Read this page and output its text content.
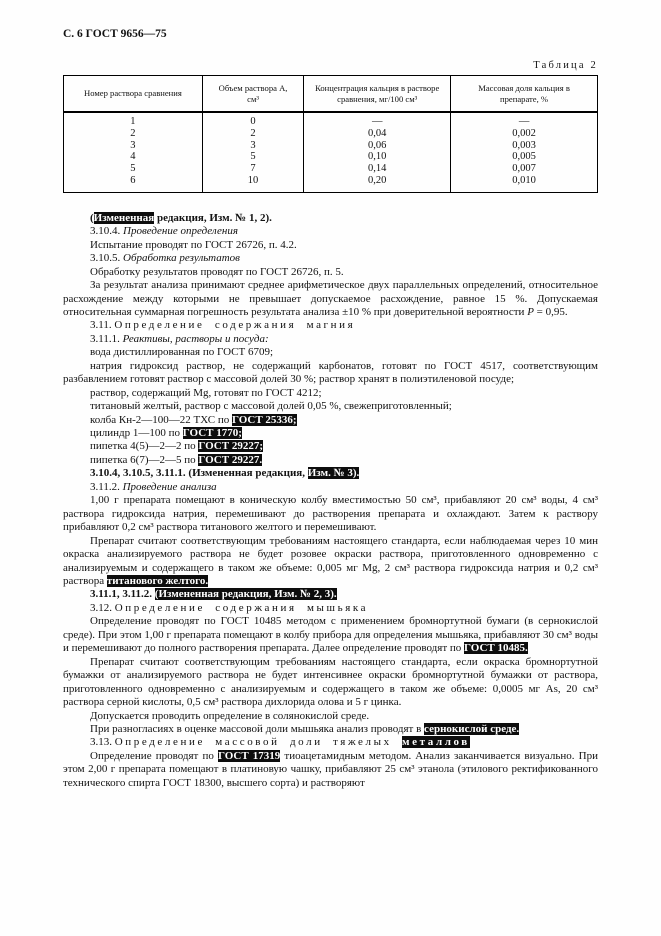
С. 6 ГОСТ 9656—75
Таблица 2
Номер раствора сравнения	Объем раствора А, см³	Концентрация кальция в растворе сравнения, мг/100 см³	Массовая доля кальция в препарате, %
1	0	—	—
2	2	0,04	0,002
3	3	0,06	0,003
4	5	0,10	0,005
5	7	0,14	0,007
6	10	0,20	0,010

(Измененная редакция, Изм. № 1, 2).

3.10.4. Проведение определения

Испытание проводят по ГОСТ 26726, п. 4.2.

3.10.5. Обработка результатов

Обработку результатов проводят по ГОСТ 26726, п. 5.

За результат анализа принимают среднее арифметическое двух параллельных определений, относительное расхождение между которыми не превышает допускаемое расхождение, равное 15 %. Допускаемая относительная суммарная погрешность результата анализа ±10 % при доверительной вероятности Р = 0,95.

3.11. Определение содержания магния

3.11.1. Реактивы, растворы и посуда:

вода дистиллированная по ГОСТ 6709;

натрия гидроксид раствор, не содержащий карбонатов, готовят по ГОСТ 4517, соответствующим разбавлением готовят раствор с массовой долей 30 %; раствор хранят в полиэтиленовой посуде;

раствор, содержащий Mg, готовят по ГОСТ 4212;

титановый желтый, раствор с массовой долей 0,05 %, свежеприготовленный;

колба Кн-2—100—22 ТХС по ГОСТ 25336;

цилиндр 1—100 по ГОСТ 1770;

пипетка 4(5)—2—2 по ГОСТ 29227;

пипетка 6(7)—2—5 по ГОСТ 29227.

3.10.4, 3.10.5, 3.11.1. (Измененная редакция, Изм. № 3).

3.11.2. Проведение анализа

1,00 г препарата помещают в коническую колбу вместимостью 50 см³, прибавляют 20 см³ воды, 4 см³ раствора гидроксида натрия, перемешивают до растворения препарата и охлаждают. Затем к раствору прибавляют 0,2 см³ раствора титанового желтого и перемешивают.

Препарат считают соответствующим требованиям настоящего стандарта, если наблюдаемая через 10 мин окраска анализируемого раствора не будет розовее окраски раствора, приготовленного одновременно с анализируемым и содержащего в таком же объеме: 0,005 мг Mg, 2 см³ раствора гидроксида натрия и 0,2 см³ раствора титанового желтого.

3.11.1, 3.11.2. (Измененная редакция, Изм. № 2, 3).

3.12. Определение содержания мышьяка

Определение проводят по ГОСТ 10485 методом с применением бромнортутной бумаги (в сернокислой среде). При этом 1,00 г препарата помещают в колбу прибора для определения мышьяка, прибавляют 30 см³ воды и перемешивают до полного растворения препарата. Далее определение проводят по ГОСТ 10485.

Препарат считают соответствующим требованиям настоящего стандарта, если окраска бромнортутной бумажки от анализируемого раствора не будет интенсивнее окраски бромнортутной бумажки от раствора, приготовленного одновременно с анализируемым и содержащего в таком же объеме: 0,0005 мг As, 20 см³ раствора серной кислоты, 0,5 см³ раствора дихлорида олова и 5 г цинка.

Допускается проводить определение в солянокислой среде.

При разногласиях в оценке массовой доли мышьяка анализ проводят в сернокислой среде.

3.13. Определение массовой доли тяжелых металлов

Определение проводят по ГОСТ 17319 тиоацетамидным методом. Анализ заканчивается визуально. При этом 2,00 г препарата помещают в платиновую чашку, прибавляют 25 см³ этанола (этилового ректификованного технического спирта ГОСТ 18300, высшего сорта) и растворяют
